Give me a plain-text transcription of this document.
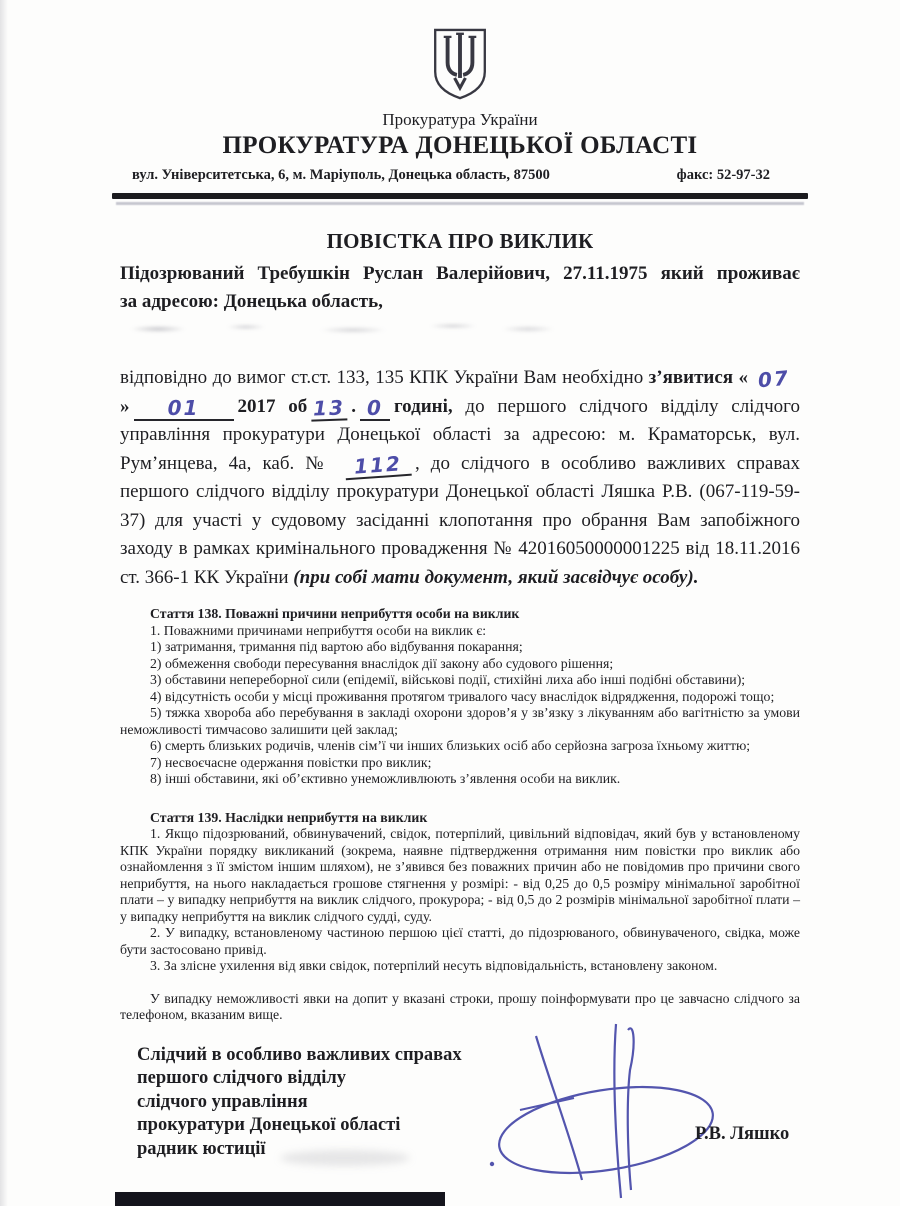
Прокуратура України
ПРОКУРАТУРА ДОНЕЦЬКОЇ ОБЛАСТІ
вул. Університетська, 6, м. Маріуполь, Донецька область, 87500	факс: 52-97-32
ПОВІСТКА ПРО ВИКЛИК
Підозрюваний Требушкін Руслан Валерійович, 27.11.1975 який проживає
за адресою: Донецька область,
відповідно до вимог ст.ст. 133, 135 КПК України Вам необхідно з’явитися « 07» 01 2017 об 13 . 0 годині, до першого слідчого відділу слідчого управління прокуратури Донецької області за адресою: м. Краматорськ, вул. Рум’янцева, 4а, каб. № 112 , до слідчого в особливо важливих справах першого слідчого відділу прокуратури Донецької області Ляшка Р.В. (067-119-59-37) для участі у судовому засіданні клопотання про обрання Вам запобіжного заходу в рамках кримінального провадження № 42016050000001225 від 18.11.2016 ст. 366-1 КК України (при собі мати документ, який засвідчує особу).

Стаття 138. Поважні причини неприбуття особи на виклик

1. Поважними причинами неприбуття особи на виклик є:

1) затримання, тримання під вартою або відбування покарання;

2) обмеження свободи пересування внаслідок дії закону або судового рішення;

3) обставини непереборної сили (епідемії, військові події, стихійні лиха або інші подібні обставини);

4) відсутність особи у місці проживання протягом тривалого часу внаслідок відрядження, подорожі тощо;

5) тяжка хвороба або перебування в закладі охорони здоров’я у зв’язку з лікуванням або вагітністю за умови неможливості тимчасово залишити цей заклад;

6) смерть близьких родичів, членів сім’ї чи інших близьких осіб або серйозна загроза їхньому життю;

7) несвоєчасне одержання повістки про виклик;

8) інші обставини, які об’єктивно унеможливлюють з’явлення особи на виклик.

Стаття 139. Наслідки неприбуття на виклик

1. Якщо підозрюваний, обвинувачений, свідок, потерпілий, цивільний відповідач, який був у встановленому КПК України порядку викликаний (зокрема, наявне підтвердження отримання ним повістки про виклик або ознайомлення з її змістом іншим шляхом), не з’явився без поважних причин або не повідомив про причини свого неприбуття, на нього накладається грошове стягнення у розмірі: - від 0,25 до 0,5 розміру мінімальної заробітної плати – у випадку неприбуття на виклик слідчого, прокурора; - від 0,5 до 2 розмірів мінімальної заробітної плати – у випадку неприбуття на виклик слідчого судді, суду.

2. У випадку, встановленому частиною першою цієї статті, до підозрюваного, обвинуваченого, свідка, може бути застосовано привід.

3. За злісне ухилення від явки свідок, потерпілий несуть відповідальність, встановлену законом.

У випадку неможливості явки на допит у вказані строки, прошу поінформувати про це завчасно слідчого за телефоном, вказаним вище.
Слідчий в особливо важливих справах
першого слідчого відділу
слідчого управління
прокуратури Донецької області
радник юстиції
Р.В. Ляшко
